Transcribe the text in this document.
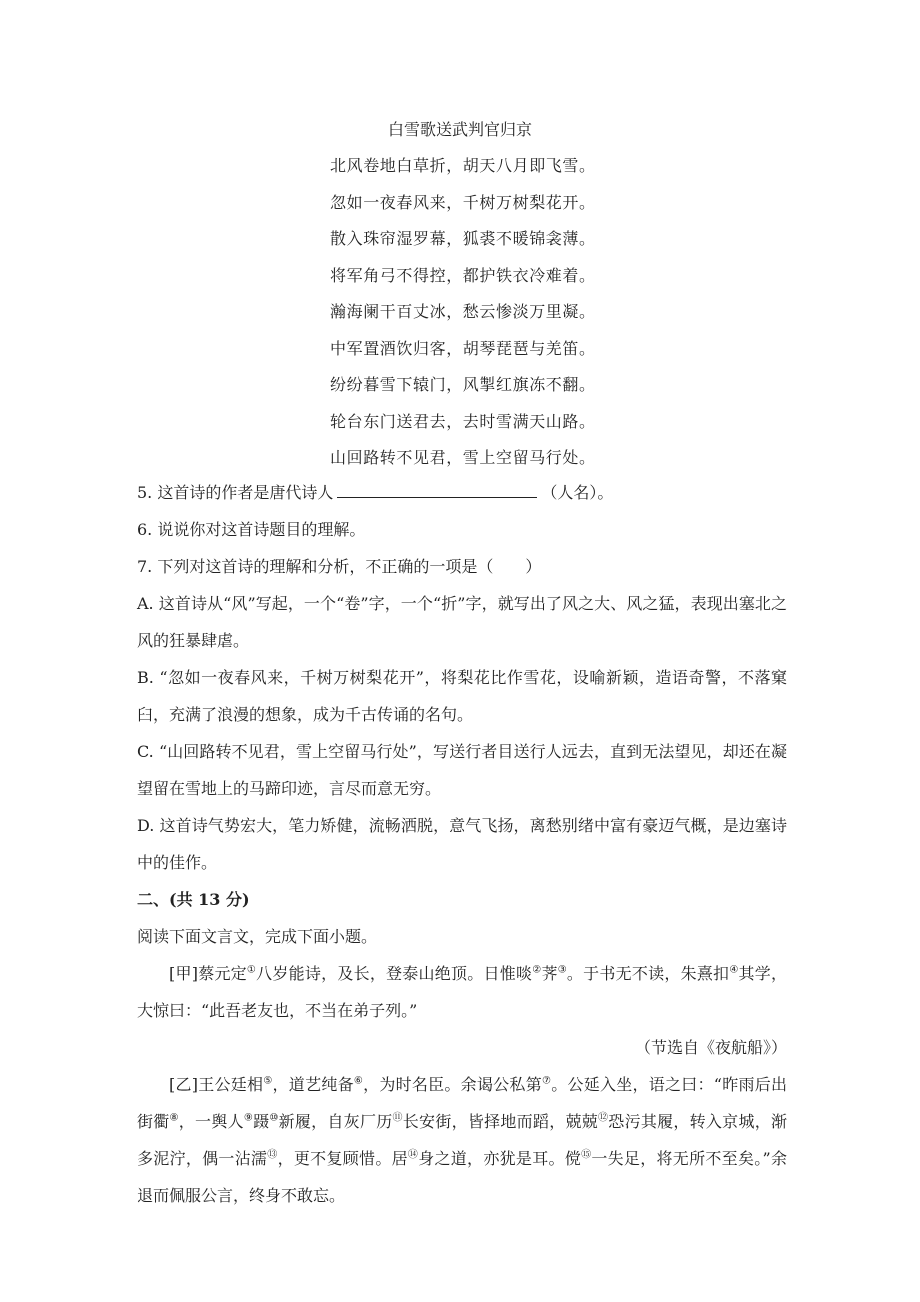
白雪歌送武判官归京
北风卷地白草折，胡天八月即飞雪。
忽如一夜春风来，千树万树梨花开。
散入珠帘湿罗幕，狐裘不暖锦衾薄。
将军角弓不得控，都护铁衣冷难着。
瀚海阑干百丈冰，愁云惨淡万里凝。
中军置酒饮归客，胡琴琵琶与羌笛。
纷纷暮雪下辕门，风掣红旗冻不翻。
轮台东门送君去，去时雪满天山路。
山回路转不见君，雪上空留马行处。

5. 这首诗的作者是唐代诗人	（人名）。

6. 说说你对这首诗题目的理解。

7. 下列对这首诗的理解和分析，不正确的一项是（　　）

A. 这首诗从“风”写起，一个“卷”字，一个“折”字，就写出了风之大、风之猛，表现出塞北之风的狂暴肆虐。

B. “忽如一夜春风来，千树万树梨花开”，将梨花比作雪花，设喻新颖，造语奇警，不落窠臼，充满了浪漫的想象，成为千古传诵的名句。

C. “山回路转不见君，雪上空留马行处”，写送行者目送行人远去，直到无法望见，却还在凝望留在雪地上的马蹄印迹，言尽而意无穷。

D. 这首诗气势宏大，笔力矫健，流畅洒脱，意气飞扬，离愁别绪中富有豪迈气概，是边塞诗中的佳作。

二、(共 13 分)

阅读下面文言文，完成下面小题。

[甲]蔡元定①八岁能诗，及长，登泰山绝顶。日惟啖②荠③。于书无不读，朱熹扣④其学，大惊曰：“此吾老友也，不当在弟子列。”

（节选自《夜航船》）

[乙]王公廷相⑤，道艺纯备⑥，为时名臣。余谒公私第⑦。公延入坐，语之曰：“昨雨后出街衢⑧，一舆人⑨蹑⑩新履，自灰厂历⑪长安街，皆择地而蹈，兢兢⑫恐污其履，转入京城，渐多泥泞，偶一沾濡⑬，更不复顾惜。居⑭身之道，亦犹是耳。傥⑮一失足，将无所不至矣。”余退而佩服公言，终身不敢忘。
